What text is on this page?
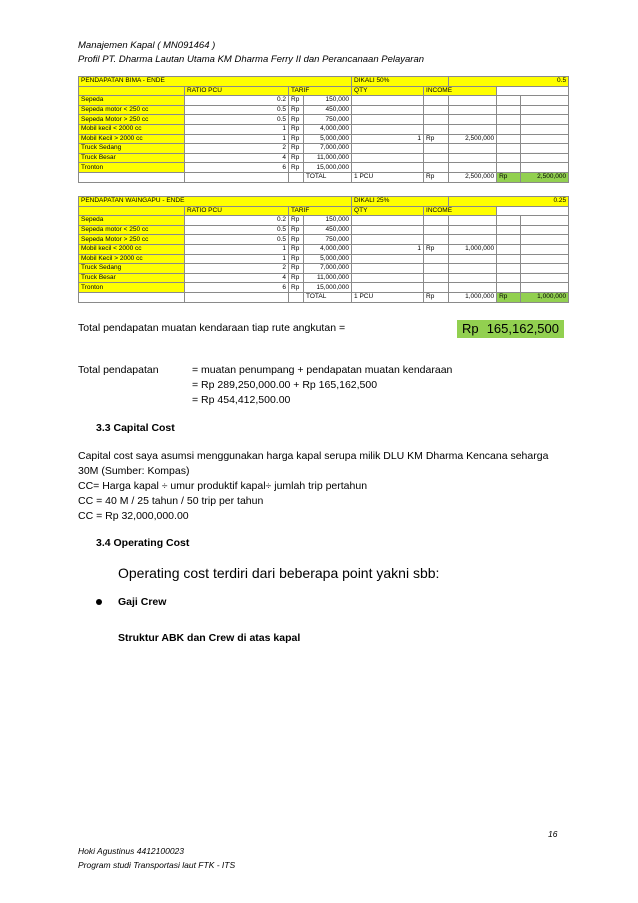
Manajemen Kapal ( MN091464 )
Profil PT. Dharma Lautan Utama KM Dharma Ferry II dan Perancanaan Pelayaran
PENDAPATAN BIMA - ENDE				DIKALI 50%		0.5		
	RATIO PCU	TARIF		QTY	INCOME			
Sepeda	0.2	Rp	150,000					
Sepeda motor < 250 cc	0.5	Rp	450,000					
Sepeda Motor > 250 cc	0.5	Rp	750,000					
Mobil kecil < 2000 cc	1	Rp	4,000,000					
Mobil Kecil > 2000 cc	1	Rp	5,000,000	1	Rp	2,500,000		
Truck Sedang	2	Rp	7,000,000					
Truck Besar	4	Rp	11,000,000					
Tronton	6	Rp	15,000,000					
			TOTAL	1 PCU	Rp	2,500,000	Rp	2,500,000
PENDAPATAN WAINGAPU - ENDE				DIKALI 25%		0.25		
	RATIO PCU	TARIF		QTY	INCOME			
Sepeda	0.2	Rp	150,000					
Sepeda motor < 250 cc	0.5	Rp	450,000					
Sepeda Motor > 250 cc	0.5	Rp	750,000					
Mobil kecil < 2000 cc	1	Rp	4,000,000	1	Rp	1,000,000		
Mobil Kecil > 2000 cc	1	Rp	5,000,000					
Truck Sedang	2	Rp	7,000,000					
Truck Besar	4	Rp	11,000,000					
Tronton	6	Rp	15,000,000					
			TOTAL	1 PCU	Rp	1,000,000	Rp	1,000,000
Total pendapatan muatan kendaraan tiap rute angkutan =	Rp 165,162,500
Total pendapatan	= muatan penumpang + pendapatan muatan kendaraan
= Rp 289,250,000.00 + Rp 165,162,500
= Rp 454,412,500.00
3.3 Capital Cost
Capital cost saya asumsi menggunakan harga kapal serupa milik DLU KM Dharma Kencana seharga
30M (Sumber: Kompas)
CC= Harga kapal ÷ umur produktif kapal÷ jumlah trip pertahun
CC = 40 M / 25 tahun / 50 trip per tahun
CC = Rp 32,000,000.00
3.4 Operating Cost
Operating cost terdiri dari beberapa point yakni sbb:
Gaji Crew
Struktur ABK dan Crew di atas kapal
16
Hoki Agustinus 4412100023
Program studi Transportasi laut FTK - ITS
